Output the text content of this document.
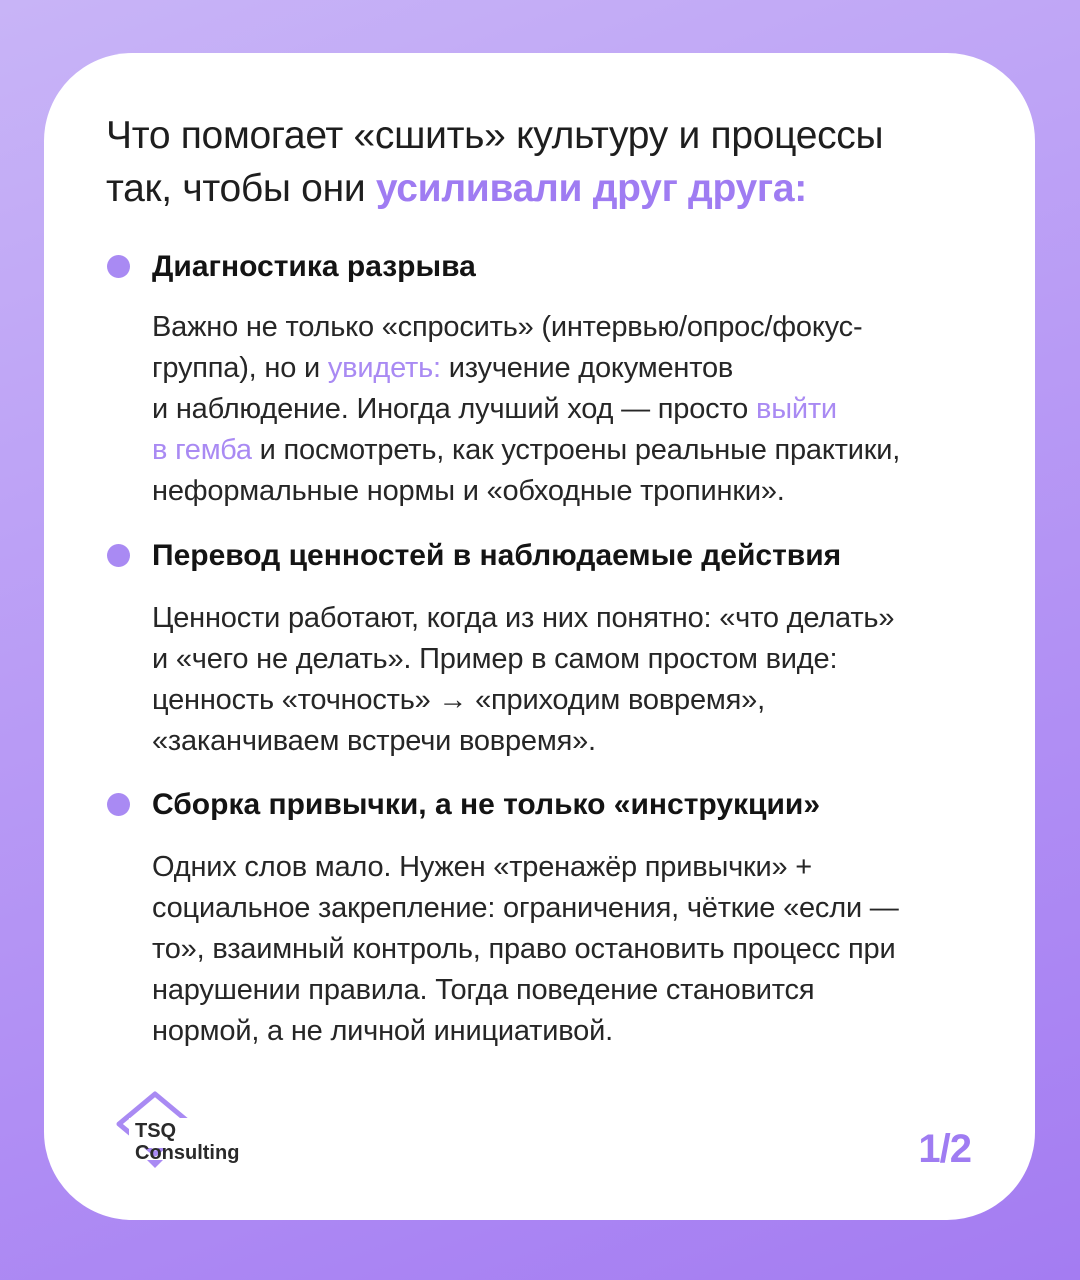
Что помогает «сшить» культуру и процессы
так, чтобы они усиливали друг друга:
Диагностика разрыва

Важно не только «спросить» (интервью/опрос/фокус-
группа), но и увидеть: изучение документов
и наблюдение. Иногда лучший ход — просто выйти
в гемба и посмотреть, как устроены реальные практики,
неформальные нормы и «обходные тропинки».

Перевод ценностей в наблюдаемые действия

Ценности работают, когда из них понятно: «что делать»
и «чего не делать». Пример в самом простом виде:
ценность «точность» → «приходим вовремя»,
«заканчиваем встречи вовремя».

Сборка привычки, а не только «инструкции»

Одних слов мало. Нужен «тренажёр привычки» +
социальное закрепление: ограничения, чёткие «если —
то», взаимный контроль, право остановить процесс при
нарушении правила. Тогда поведение становится
нормой, а не личной инициативой.

TSQ
Consulting	1/2
